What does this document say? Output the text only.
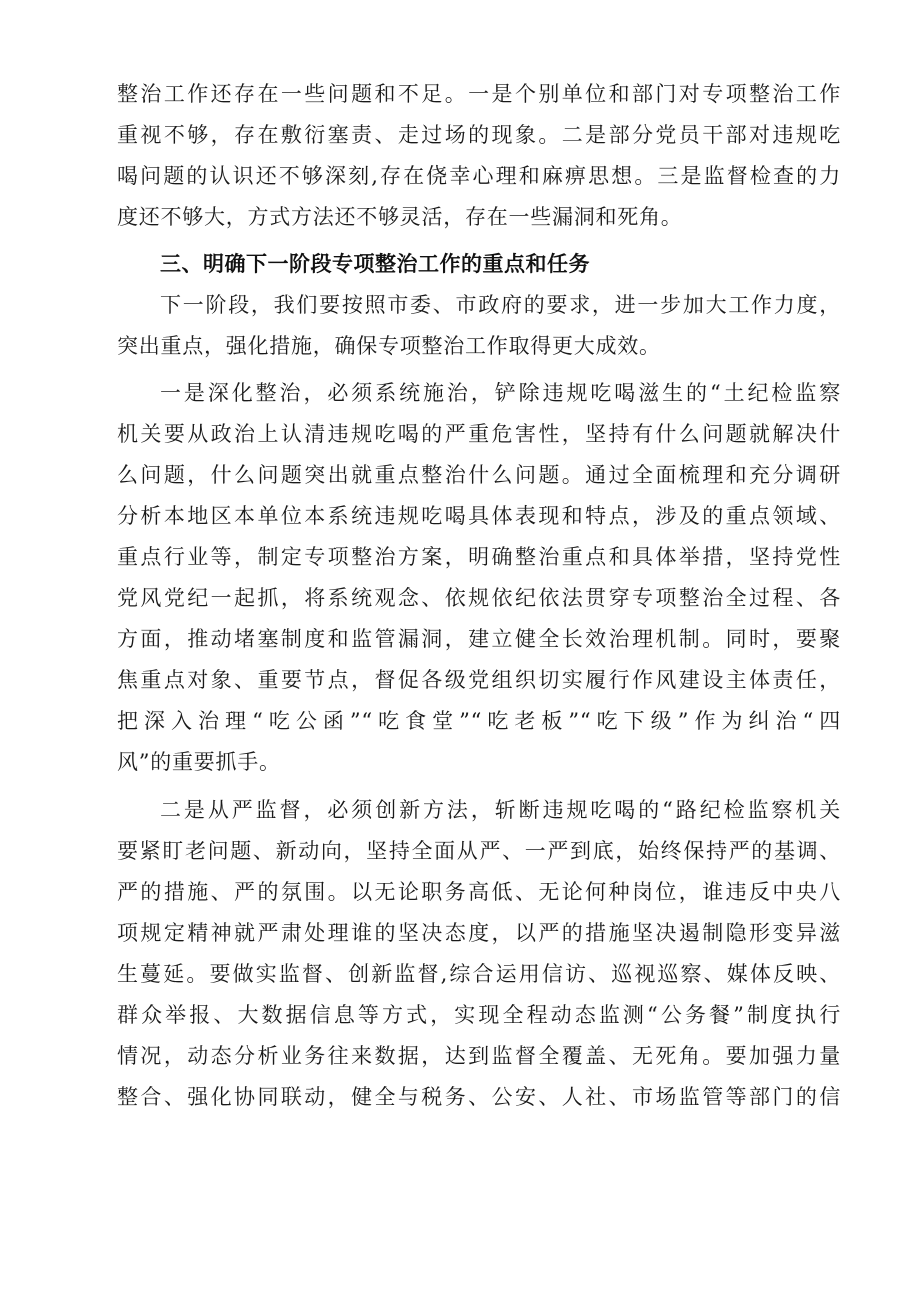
整治工作还存在一些问题和不足。一是个别单位和部门对专项整治工作
重视不够，存在敷衍塞责、走过场的现象。二是部分党员干部对违规吃
喝问题的认识还不够深刻,存在侥幸心理和麻痹思想。三是监督检查的力
度还不够大，方式方法还不够灵活，存在一些漏洞和死角。
三、明确下一阶段专项整治工作的重点和任务
下一阶段，我们要按照市委、市政府的要求，进一步加大工作力度，
突出重点，强化措施，确保专项整治工作取得更大成效。
一是深化整治，必须系统施治，铲除违规吃喝滋生的“土纪检监察
机关要从政治上认清违规吃喝的严重危害性，坚持有什么问题就解决什
么问题，什么问题突出就重点整治什么问题。通过全面梳理和充分调研
分析本地区本单位本系统违规吃喝具体表现和特点，涉及的重点领域、
重点行业等，制定专项整治方案，明确整治重点和具体举措，坚持党性
党风党纪一起抓，将系统观念、依规依纪依法贯穿专项整治全过程、各
方面，推动堵塞制度和监管漏洞，建立健全长效治理机制。同时，要聚
焦重点对象、重要节点，督促各级党组织切实履行作风建设主体责任，
把深入治理“吃公函”“吃食堂”“吃老板”“吃下级”作为纠治“四
风”的重要抓手。
二是从严监督，必须创新方法，斩断违规吃喝的“路纪检监察机关
要紧盯老问题、新动向，坚持全面从严、一严到底，始终保持严的基调、
严的措施、严的氛围。以无论职务高低、无论何种岗位，谁违反中央八
项规定精神就严肃处理谁的坚决态度，以严的措施坚决遏制隐形变异滋
生蔓延。要做实监督、创新监督,综合运用信访、巡视巡察、媒体反映、
群众举报、大数据信息等方式，实现全程动态监测“公务餐”制度执行
情况，动态分析业务往来数据，达到监督全覆盖、无死角。要加强力量
整合、强化协同联动，健全与税务、公安、人社、市场监管等部门的信
